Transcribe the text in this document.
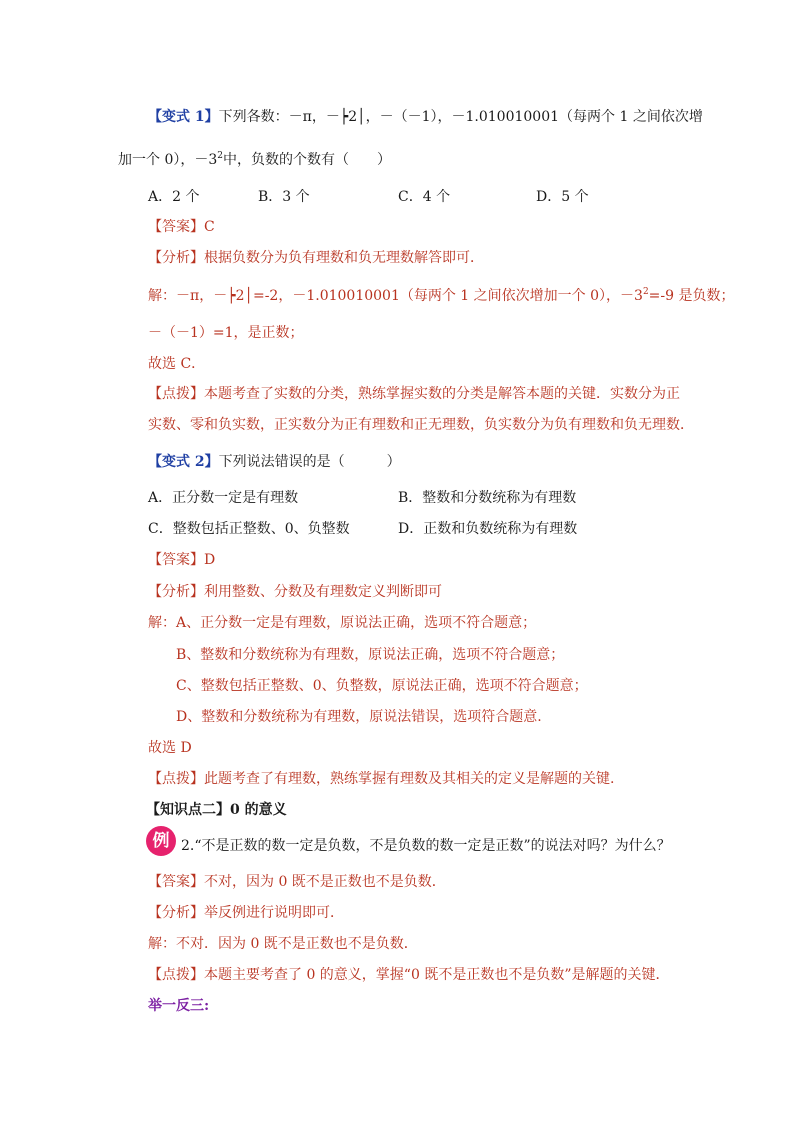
【变式 1】下列各数：－π，－┝2│，－（－1），－1.010010001（每两个 1 之间依次增
加一个 0），$-3^2$中，负数的个数有（　　）
A．2 个	B．3 个	C．4 个	D．5 个
【答案】C
【分析】根据负数分为负有理数和负无理数解答即可．
解：－π，－┝2│=-2，－1.010010001（每两个 1 之间依次增加一个 0），$-3^2=-9$ 是负数；
－（－1）=1，是正数；
故选 C．
【点拨】本题考查了实数的分类，熟练掌握实数的分类是解答本题的关键．实数分为正
实数、零和负实数，正实数分为正有理数和正无理数，负实数分为负有理数和负无理数．
【变式 2】下列说法错误的是（　　　）
A．正分数一定是有理数	B．整数和分数统称为有理数
C．整数包括正整数、0、负整数	D．正数和负数统称为有理数
【答案】D
【分析】利用整数、分数及有理数定义判断即可
解：A、正分数一定是有理数，原说法正确，选项不符合题意；
B、整数和分数统称为有理数，原说法正确，选项不符合题意；
C、整数包括正整数、0、负整数，原说法正确，选项不符合题意；
D、整数和分数统称为有理数，原说法错误，选项符合题意.
故选 D
【点拨】此题考查了有理数，熟练掌握有理数及其相关的定义是解题的关键.
【知识点二】0 的意义
例 2.“不是正数的数一定是负数，不是负数的数一定是正数”的说法对吗？为什么？
【答案】不对，因为 0 既不是正数也不是负数．
【分析】举反例进行说明即可．
解：不对．因为 0 既不是正数也不是负数．
【点拨】本题主要考查了 0 的意义，掌握“0 既不是正数也不是负数”是解题的关键．
举一反三:
